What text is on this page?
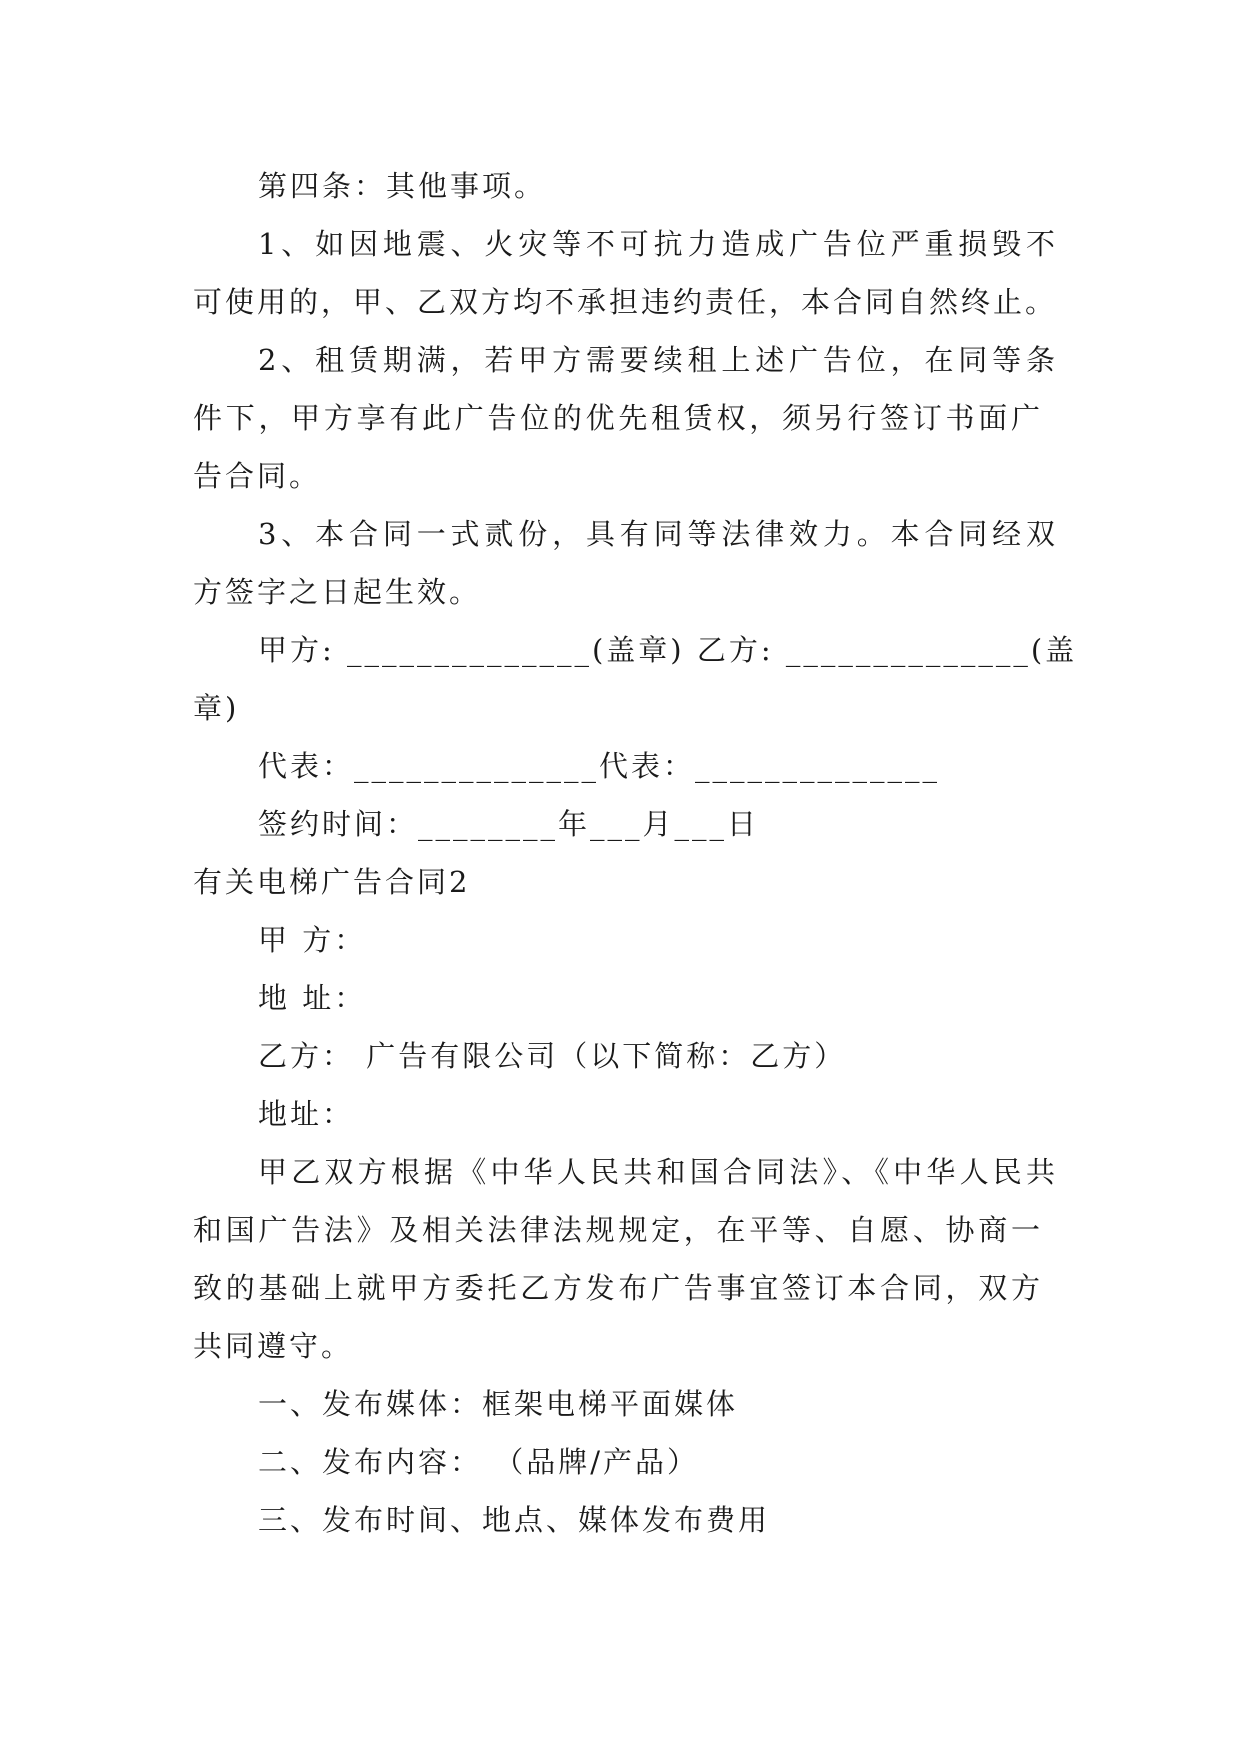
第四条：其他事项。
1、如因地震、火灾等不可抗力造成广告位严重损毁不
可使用的，甲、乙双方均不承担违约责任，本合同自然终止。
2、租赁期满，若甲方需要续租上述广告位，在同等条
件下，甲方享有此广告位的优先租赁权，须另行签订书面广
告合同。
3、本合同一式贰份，具有同等法律效力。本合同经双
方签字之日起生效。
甲方: ______________(盖章) 乙方: ______________(盖
章)
代表：______________代表：______________
签约时间：________年___月___日
有关电梯广告合同2
甲 方：
地 址：
乙方： 广告有限公司（以下简称：乙方）
地址：
甲乙双方根据《中华人民共和国合同法》、《中华人民共
和国广告法》及相关法律法规规定，在平等、自愿、协商一
致的基础上就甲方委托乙方发布广告事宜签订本合同，双方
共同遵守。
一、发布媒体：框架电梯平面媒体
二、发布内容： （品牌/产品）
三、发布时间、地点、媒体发布费用
